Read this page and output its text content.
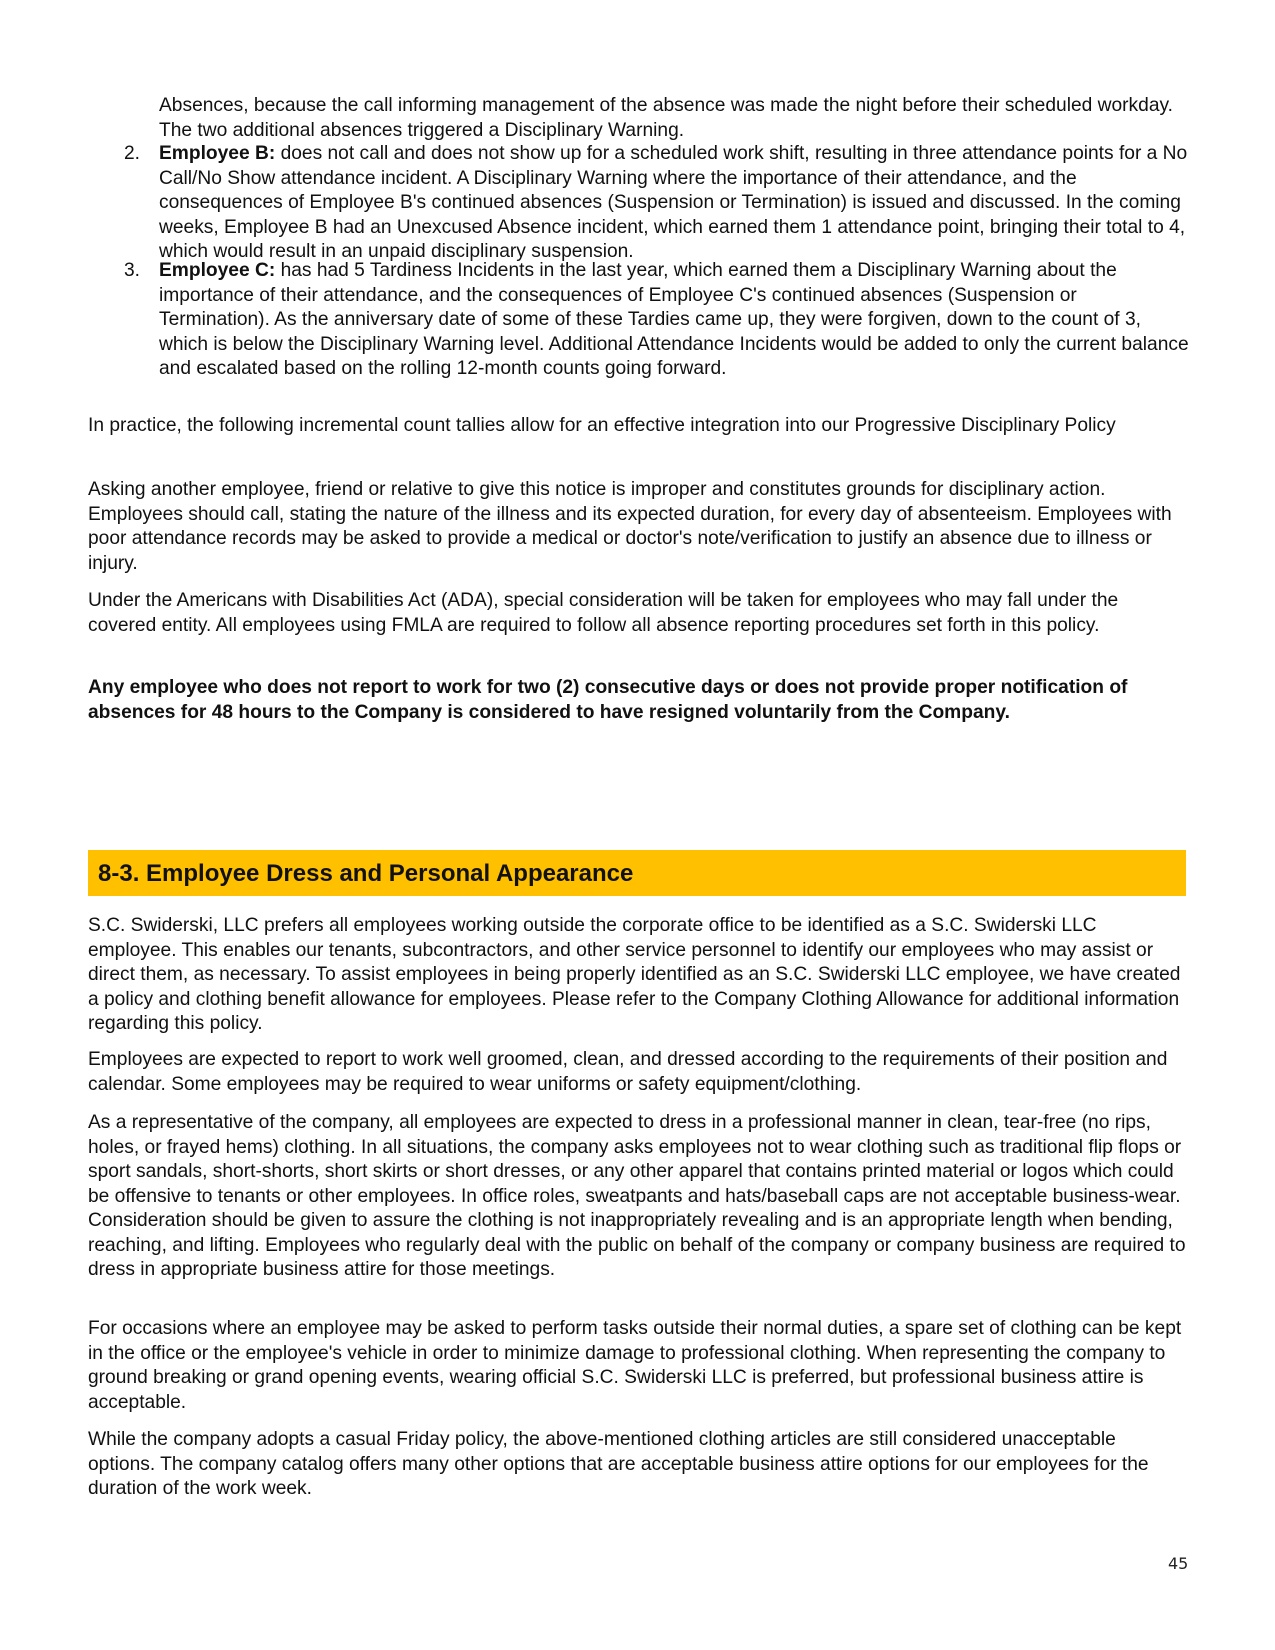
Absences, because the call informing management of the absence was made the night before their scheduled workday. The two additional absences triggered a Disciplinary Warning.

2. Employee B: does not call and does not show up for a scheduled work shift, resulting in three attendance points for a No Call/No Show attendance incident. A Disciplinary Warning where the importance of their attendance, and the consequences of Employee B's continued absences (Suspension or Termination) is issued and discussed. In the coming weeks, Employee B had an Unexcused Absence incident, which earned them 1 attendance point, bringing their total to 4, which would result in an unpaid disciplinary suspension.

3. Employee C: has had 5 Tardiness Incidents in the last year, which earned them a Disciplinary Warning about the importance of their attendance, and the consequences of Employee C's continued absences (Suspension or Termination). As the anniversary date of some of these Tardies came up, they were forgiven, down to the count of 3, which is below the Disciplinary Warning level. Additional Attendance Incidents would be added to only the current balance and escalated based on the rolling 12-month counts going forward.

In practice, the following incremental count tallies allow for an effective integration into our Progressive Disciplinary Policy

Asking another employee, friend or relative to give this notice is improper and constitutes grounds for disciplinary action. Employees should call, stating the nature of the illness and its expected duration, for every day of absenteeism. Employees with poor attendance records may be asked to provide a medical or doctor's note/verification to justify an absence due to illness or injury.

Under the Americans with Disabilities Act (ADA), special consideration will be taken for employees who may fall under the covered entity. All employees using FMLA are required to follow all absence reporting procedures set forth in this policy.

Any employee who does not report to work for two (2) consecutive days or does not provide proper notification of absences for 48 hours to the Company is considered to have resigned voluntarily from the Company.

8-3. Employee Dress and Personal Appearance

S.C. Swiderski, LLC prefers all employees working outside the corporate office to be identified as a S.C. Swiderski LLC employee. This enables our tenants, subcontractors, and other service personnel to identify our employees who may assist or direct them, as necessary. To assist employees in being properly identified as an S.C. Swiderski LLC employee, we have created a policy and clothing benefit allowance for employees. Please refer to the Company Clothing Allowance for additional information regarding this policy.

Employees are expected to report to work well groomed, clean, and dressed according to the requirements of their position and calendar. Some employees may be required to wear uniforms or safety equipment/clothing.

As a representative of the company, all employees are expected to dress in a professional manner in clean, tear-free (no rips, holes, or frayed hems) clothing. In all situations, the company asks employees not to wear clothing such as traditional flip flops or sport sandals, short-shorts, short skirts or short dresses, or any other apparel that contains printed material or logos which could be offensive to tenants or other employees. In office roles, sweatpants and hats/baseball caps are not acceptable business-wear. Consideration should be given to assure the clothing is not inappropriately revealing and is an appropriate length when bending, reaching, and lifting. Employees who regularly deal with the public on behalf of the company or company business are required to dress in appropriate business attire for those meetings.

For occasions where an employee may be asked to perform tasks outside their normal duties, a spare set of clothing can be kept in the office or the employee's vehicle in order to minimize damage to professional clothing. When representing the company to ground breaking or grand opening events, wearing official S.C. Swiderski LLC is preferred, but professional business attire is acceptable.

While the company adopts a casual Friday policy, the above-mentioned clothing articles are still considered unacceptable options. The company catalog offers many other options that are acceptable business attire options for our employees for the duration of the work week.

45
